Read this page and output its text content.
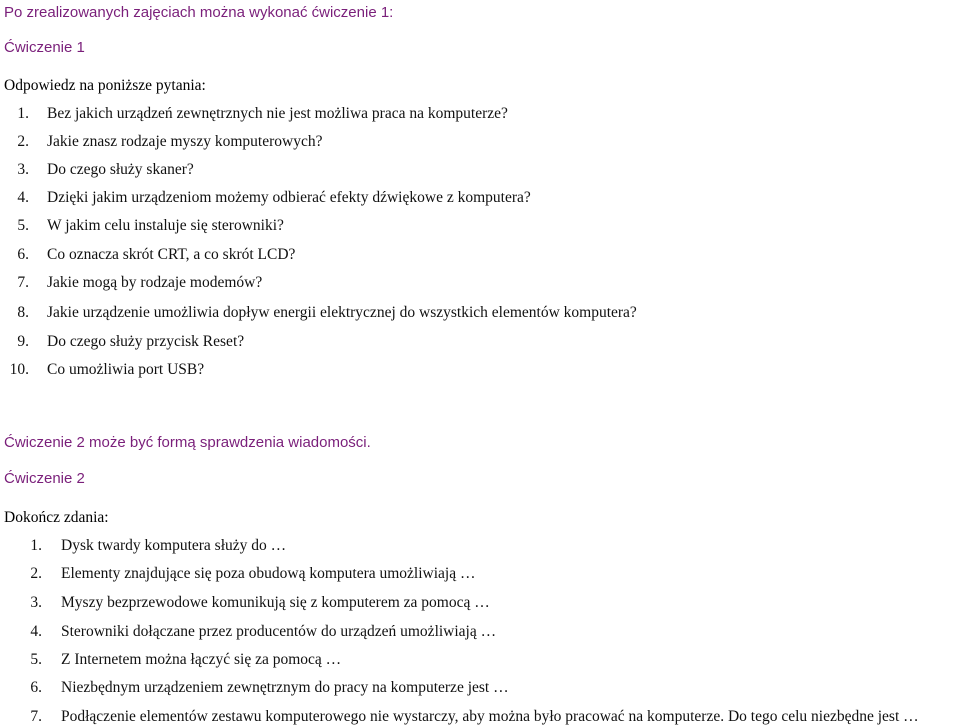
Po zrealizowanych zajęciach można wykonać ćwiczenie 1:
Ćwiczenie 1
Odpowiedz na poniższe pytania:
1. Bez jakich urządzeń zewnętrznych nie jest możliwa praca na komputerze?
2. Jakie znasz rodzaje myszy komputerowych?
3. Do czego służy skaner?
4. Dzięki jakim urządzeniom możemy odbierać efekty dźwiękowe z komputera?
5. W jakim celu instaluje się sterowniki?
6. Co oznacza skrót CRT, a co skrót LCD?
7. Jakie mogą by rodzaje modemów?
8. Jakie urządzenie umożliwia dopływ energii elektrycznej do wszystkich elementów komputera?
9. Do czego służy przycisk Reset?
10. Co umożliwia port USB?
Ćwiczenie 2 może być formą sprawdzenia wiadomości.
Ćwiczenie 2
Dokończ zdania:
1. Dysk twardy komputera służy do …
2. Elementy znajdujące się poza obudową komputera umożliwiają …
3. Myszy bezprzewodowe komunikują się z komputerem za pomocą …
4. Sterowniki dołączane przez producentów do urządzeń umożliwiają …
5. Z Internetem można łączyć się za pomocą …
6. Niezbędnym urządzeniem zewnętrznym do pracy na komputerze jest …
7. Podłączenie elementów zestawu komputerowego nie wystarczy, aby można było pracować na komputerze. Do tego celu niezbędne jest …
